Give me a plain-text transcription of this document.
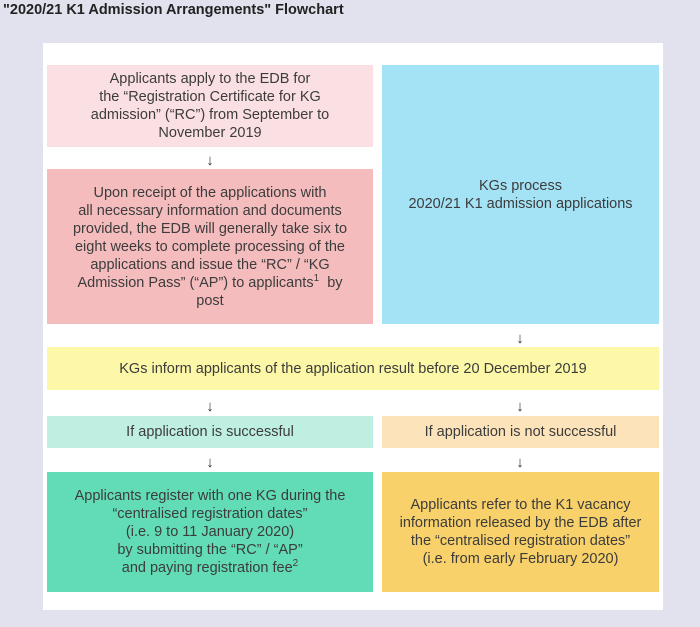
"2020/21 K1 Admission Arrangements" Flowchart

Applicants apply to the EDB for
the “Registration Certificate for KG
admission” (“RC”) from September to
November 2019

↓

Upon receipt of the applications with
all necessary information and documents
provided, the EDB will generally take six to
eight weeks to complete processing of the
applications and issue the “RC” / “KG
Admission Pass” (“AP”) to applicants$^1$ by
post

KGs process
2020/21 K1 admission applications

↓

KGs inform applicants of the application result before 20 December 2019

↓	↓

If application is successful	If application is not successful

↓	↓

Applicants register with one KG during the
“centralised registration dates”
(i.e. 9 to 11 January 2020)
by submitting the “RC” / “AP”
and paying registration fee$^2$

Applicants refer to the K1 vacancy
information released by the EDB after
the “centralised registration dates”
(i.e. from early February 2020)
